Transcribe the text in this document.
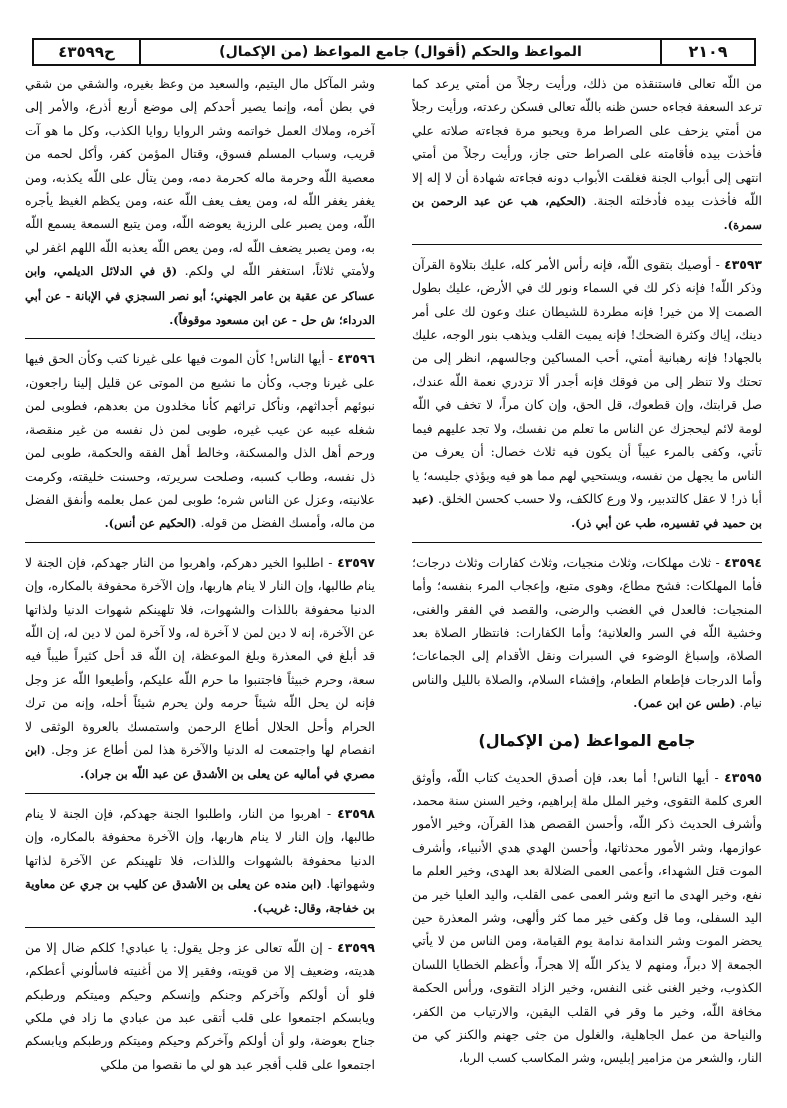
٢١٠٩
المواعظ والحكم (أقوال) جامع المواعظ (من الإكمال)
ح٤٣٥٩٩

من اللّه تعالى فاستنقذه من ذلك، ورأيت رجلاً من أمتي يرعد كما ترعد السعفة فجاءه حسن ظنه باللّه تعالى فسكن رعدته، ورأيت رجلاً من أمتي يزحف على الصراط مرة ويحبو مرة فجاءته صلاته علي فأخذت بيده فأقامته على الصراط حتى جاز، ورأيت رجلاً من أمتي انتهى إلى أبواب الجنة فغلقت الأبواب دونه فجاءته شهادة أن لا إله إلا اللّه فأخذت بيده فأدخلته الجنة. (الحكيم، هب عن عبد الرحمن بن سمرة).

٤٣٥٩٣ - أوصيك بتقوى اللّه، فإنه رأس الأمر كله، عليك بتلاوة القرآن وذكر اللّه! فإنه ذكر لك في السماء ونور لك في الأرض، عليك بطول الصمت إلا من خير! فإنه مطردة للشيطان عنك وعون لك على أمر دينك، إياك وكثرة الضحك! فإنه يميت القلب ويذهب بنور الوجه، عليك بالجهاد! فإنه رهبانية أمتي، أحب المساكين وجالسهم، انظر إلى من تحتك ولا تنظر إلى من فوقك فإنه أجدر ألا تزدري نعمة اللّه عندك، صل قرابتك، وإن قطعوك، قل الحق، وإن كان مراً، لا تخف في اللّه لومة لائم ليحجزك عن الناس ما تعلم من نفسك، ولا تجد عليهم فيما تأتي، وكفى بالمرء عيباً أن يكون فيه ثلاث خصال: أن يعرف من الناس ما يجهل من نفسه، ويستحيي لهم مما هو فيه ويؤذي جليسه؛ يا أبا ذر! لا عقل كالتدبير، ولا ورع كالكف، ولا حسب كحسن الخلق. (عبد بن حميد في تفسيره، طب عن أبي ذر).

٤٣٥٩٤ - ثلاث مهلكات، وثلاث منجيات، وثلاث كفارات وثلاث درجات؛ فأما المهلكات: فشح مطاع، وهوى متبع، وإعجاب المرء بنفسه؛ وأما المنجيات: فالعدل في الغضب والرضى، والقصد في الفقر والغنى، وخشية اللّه في السر والعلانية؛ وأما الكفارات: فانتظار الصلاة بعد الصلاة، وإسباغ الوضوء في السبرات ونقل الأقدام إلى الجماعات؛ وأما الدرجات فإطعام الطعام، وإفشاء السلام، والصلاة بالليل والناس نيام. (طس عن ابن عمر).

جامع المواعظ (من الإكمال)

٤٣٥٩٥ - أيها الناس! أما بعد، فإن أصدق الحديث كتاب اللّه، وأوثق العرى كلمة التقوى، وخير الملل ملة إبراهيم، وخير السنن سنة محمد، وأشرف الحديث ذكر اللّه، وأحسن القصص هذا القرآن، وخير الأمور عوازمها، وشر الأمور محدثاتها، وأحسن الهدي هدي الأنبياء، وأشرف الموت قتل الشهداء، وأعمى العمى الضلالة بعد الهدى، وخير العلم ما نفع، وخير الهدى ما اتبع وشر العمى عمى القلب، واليد العليا خير من اليد السفلى، وما قل وكفى خير مما كثر وألهى، وشر المعذرة حين يحضر الموت وشر الندامة ندامة يوم القيامة، ومن الناس من لا يأتي الجمعة إلا دبراً، ومنهم لا يذكر اللّه إلا هجراً، وأعظم الخطايا اللسان الكذوب، وخير الغنى غنى النفس، وخير الزاد التقوى، ورأس الحكمة مخافة اللّه، وخير ما وقر في القلب اليقين، والارتياب من الكفر، والنياحة من عمل الجاهلية، والغلول من جثى جهنم والكنز كي من النار، والشعر من مزامير إبليس، وشر المكاسب كسب الربا،

وشر المآكل مال اليتيم، والسعيد من وعظ بغيره، والشقي من شقي في بطن أمه، وإنما يصير أحدكم إلى موضع أربع أذرع، والأمر إلى آخره، وملاك العمل خواتمه وشر الروايا روايا الكذب، وكل ما هو آت قريب، وسباب المسلم فسوق، وقتال المؤمن كفر، وأكل لحمه من معصية اللّه وحرمة ماله كحرمة دمه، ومن يتأل على اللّه يكذبه، ومن يغفر يغفر اللّه له، ومن يعف يعف اللّه عنه، ومن يكظم الغيظ يأجره اللّه، ومن يصبر على الرزية يعوضه اللّه، ومن يتبع السمعة يسمع اللّه به، ومن يصبر يضعف اللّه له، ومن يعص اللّه يعذبه اللّه اللهم اغفر لي ولأمتي ثلاثاً، استغفر اللّه لي ولكم. (ق في الدلائل الديلمي، وابن عساكر عن عقبة بن عامر الجهني؛ أبو نصر السجزي في الإبانة - عن أبي الدرداء؛ ش حل - عن ابن مسعود موقوفاً).

٤٣٥٩٦ - أيها الناس! كأن الموت فيها على غيرنا كتب وكأن الحق فيها على غيرنا وجب، وكأن ما نشيع من الموتى عن قليل إلينا راجعون، نبوئهم أجداثهم، ونأكل تراثهم كأنا مخلدون من بعدهم، فطوبى لمن شغله عيبه عن عيب غيره، طوبى لمن ذل نفسه من غير منقصة، ورحم أهل الذل والمسكنة، وخالط أهل الفقه والحكمة، طوبى لمن ذل نفسه، وطاب كسبه، وصلحت سريرته، وحسنت خليقته، وكرمت علانيته، وعزل عن الناس شره؛ طوبى لمن عمل بعلمه وأنفق الفضل من ماله، وأمسك الفضل من قوله. (الحكيم عن أنس).

٤٣٥٩٧ - اطلبوا الخير دهركم، واهربوا من النار جهدكم، فإن الجنة لا ينام طالبها، وإن النار لا ينام هاربها، وإن الآخرة محفوفة بالمكاره، وإن الدنيا محفوفة باللذات والشهوات، فلا تلهينكم شهوات الدنيا ولذاتها عن الآخرة، إنه لا دين لمن لا آخرة له، ولا آخرة لمن لا دين له، إن اللّه قد أبلغ في المعذرة وبلغ الموعظة، إن اللّه قد أحل كثيراً طيباً فيه سعة، وحرم خبيثاً فاجتنبوا ما حرم اللّه عليكم، وأطيعوا اللّه عز وجل فإنه لن يحل اللّه شيئاً حرمه ولن يحرم شيئاً أحله، وإنه من ترك الحرام وأحل الحلال أطاع الرحمن واستمسك بالعروة الوثقى لا انفصام لها واجتمعت له الدنيا والآخرة هذا لمن أطاع عز وجل. (ابن مصري في أماليه عن يعلى بن الأشدق عن عبد اللّه بن جراد).

٤٣٥٩٨ - اهربوا من النار، واطلبوا الجنة جهدكم، فإن الجنة لا ينام طالبها، وإن النار لا ينام هاربها، وإن الآخرة محفوفة بالمكاره، وإن الدنيا محفوفة بالشهوات واللذات، فلا تلهينكم عن الآخرة لذاتها وشهواتها. (ابن منده عن يعلى بن الأشدق عن كليب بن جري عن معاوية بن خفاجة، وقال: غريب).

٤٣٥٩٩ - إن اللّه تعالى عز وجل يقول: يا عبادي! كلكم ضال إلا من هديته، وضعيف إلا من قويته، وفقير إلا من أغنيته فاسألوني أعطكم، فلو أن أولكم وآخركم وجنكم وإنسكم وحيكم وميتكم ورطبكم ويابسكم اجتمعوا على قلب أتقى عبد من عبادي ما زاد في ملكي جناح بعوضة، ولو أن أولكم وآخركم وحيكم وميتكم ورطبكم ويابسكم اجتمعوا على قلب أفجر عبد هو لي ما نقصوا من ملكي
